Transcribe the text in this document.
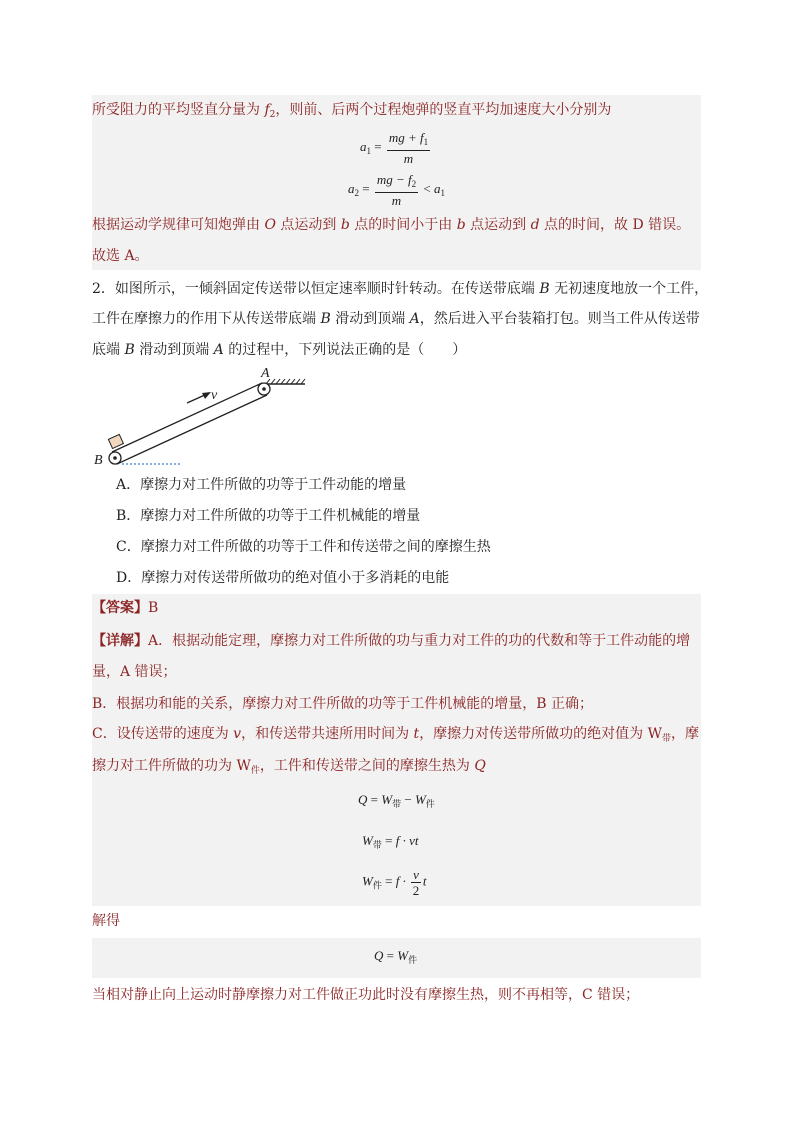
所受阻力的平均竖直分量为 $f_2$，则前、后两个过程炮弹的竖直平均加速度大小分别为
$a_1 = \frac{mg + f_1}{m}$
$a_2 = \frac{mg - f_2}{m} < a_1$
根据运动学规律可知炮弹由 O 点运动到 b 点的时间小于由 b 点运动到 d 点的时间，故 D 错误。
故选 A。
2．如图所示，一倾斜固定传送带以恒定速率顺时针转动。在传送带底端 B 无初速度地放一个工件，
工件在摩擦力的作用下从传送带底端 B 滑动到顶端 A，然后进入平台装箱打包。则当工件从传送带
底端 B 滑动到顶端 A 的过程中，下列说法正确的是（　　）
A
B
v
A．摩擦力对工件所做的功等于工件动能的增量
B．摩擦力对工件所做的功等于工件机械能的增量
C．摩擦力对工件所做的功等于工件和传送带之间的摩擦生热
D．摩擦力对传送带所做功的绝对值小于多消耗的电能
【答案】B
【详解】A．根据动能定理，摩擦力对工件所做的功与重力对工件的功的代数和等于工件动能的增
量，A 错误；
B．根据功和能的关系，摩擦力对工件所做的功等于工件机械能的增量，B 正确；
C．设传送带的速度为 v，和传送带共速所用时间为 t，摩擦力对传送带所做功的绝对值为 $W_带$，摩
擦力对工件所做的功为 $W_件$，工件和传送带之间的摩擦生热为 Q
$Q = W_带 - W_件$
$W_带 = f$ · vt
$W_件 = f \cdot \frac{v}{2}$ t
解得
$Q = W_件$
当相对静止向上运动时静摩擦力对工件做正功此时没有摩擦生热，则不再相等，C 错误；
